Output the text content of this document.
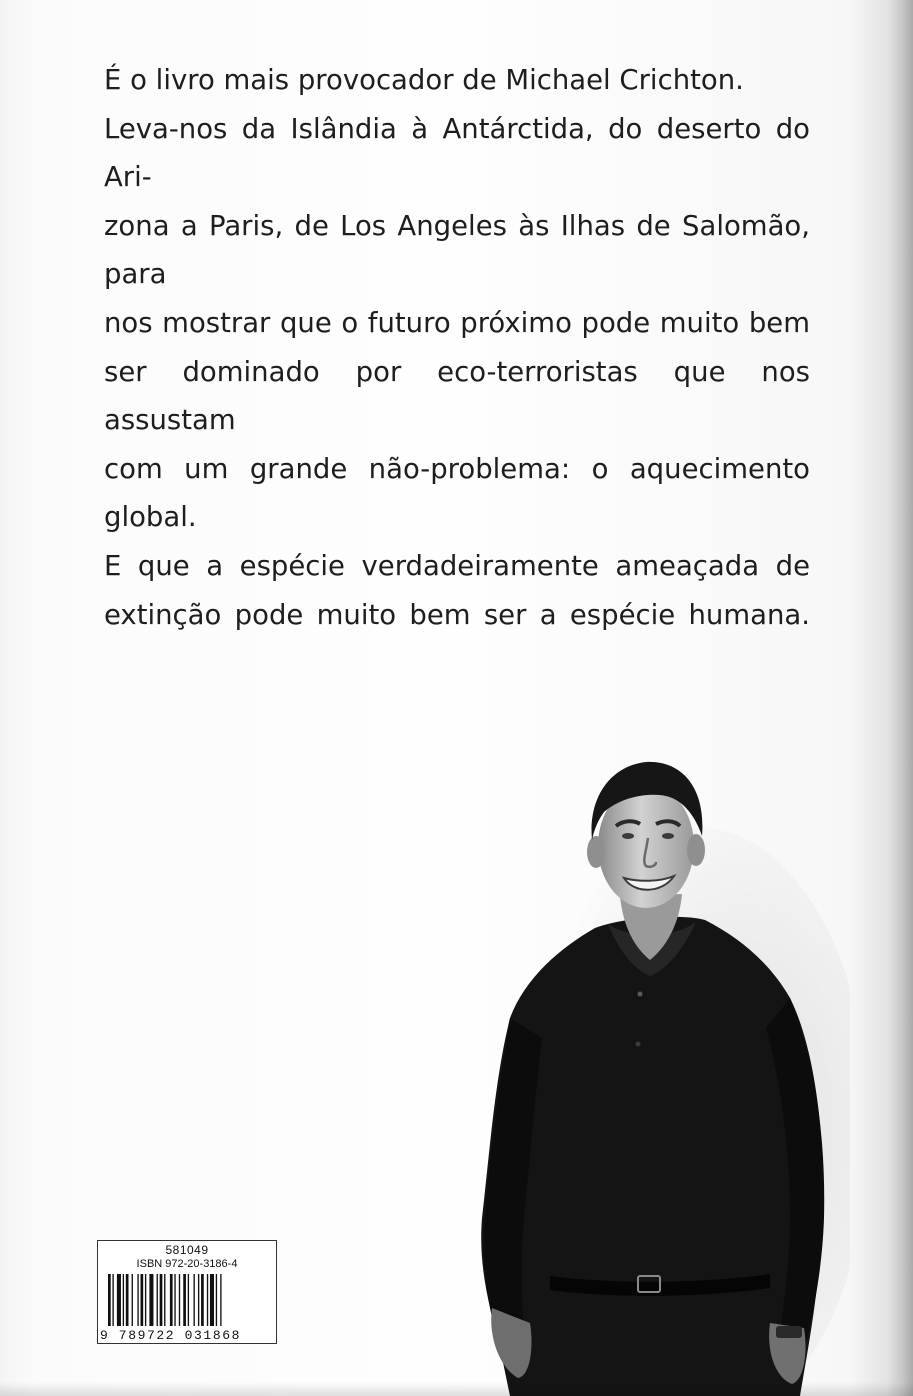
É o livro mais provocador de Michael Crichton.
Leva-nos da Islândia à Antárctida, do deserto do Ari-
zona a Paris, de Los Angeles às Ilhas de Salomão, para
nos mostrar que o futuro próximo pode muito bem
ser dominado por eco-terroristas que nos assustam
com um grande não-problema: o aquecimento
global.
E que a espécie verdadeiramente ameaçada de
extinção pode muito bem ser a espécie humana.
581049
ISBN 972-20-3186-4
9 789722 031868
